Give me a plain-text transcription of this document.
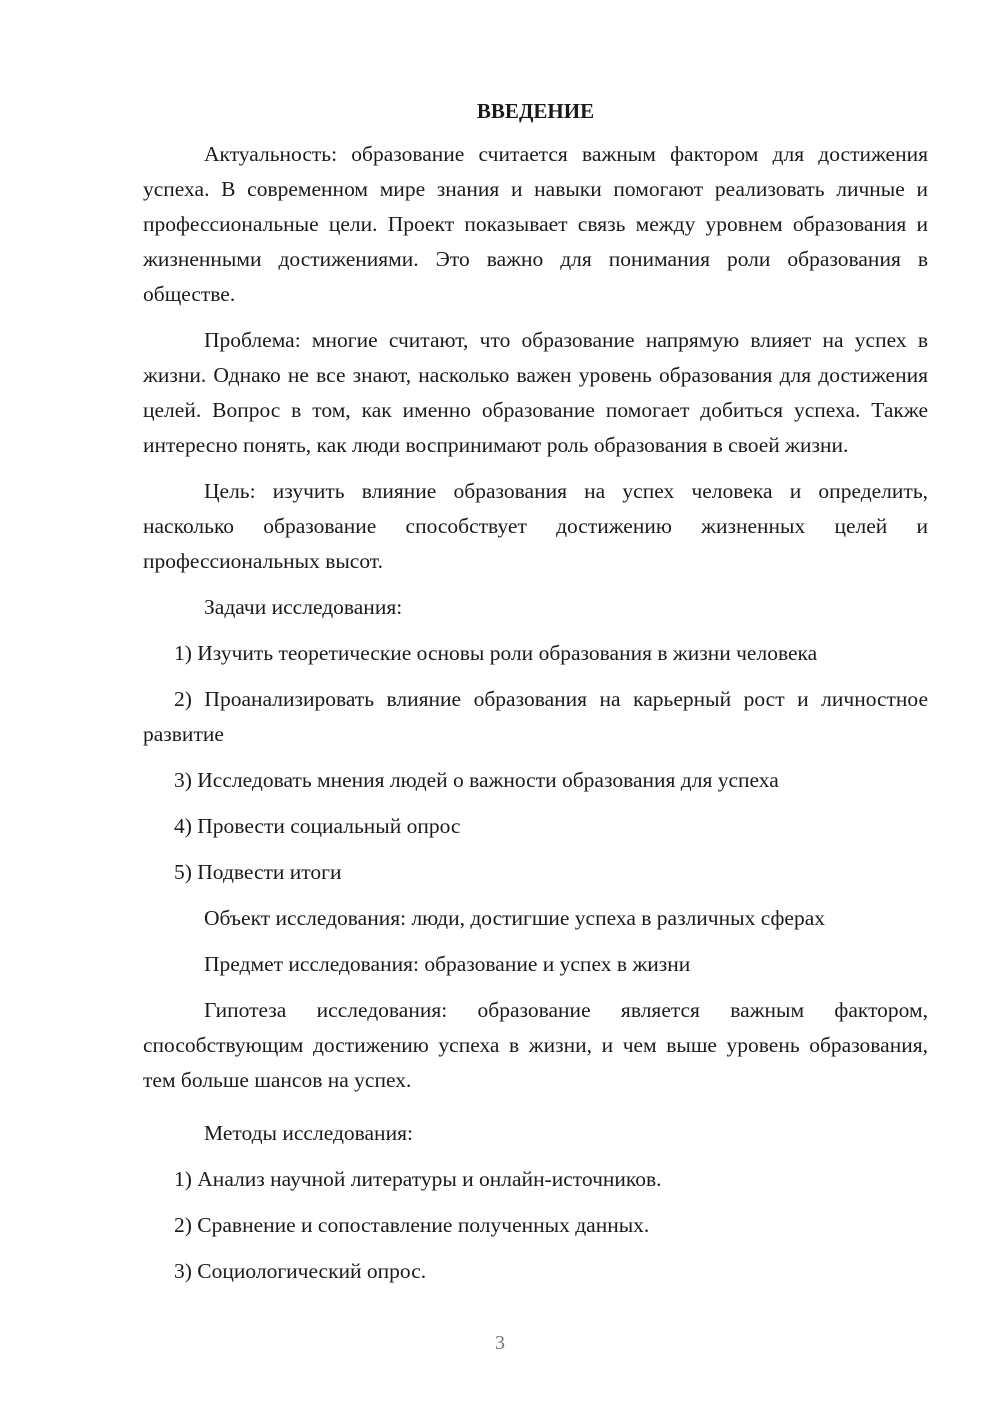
ВВЕДЕНИЕ

Актуальность: образование считается важным фактором для достижения успеха. В современном мире знания и навыки помогают реализовать личные и профессиональные цели. Проект показывает связь между уровнем образования и жизненными достижениями. Это важно для понимания роли образования в обществе.

Проблема: многие считают, что образование напрямую влияет на успех в жизни. Однако не все знают, насколько важен уровень образования для достижения целей. Вопрос в том, как именно образование помогает добиться успеха. Также интересно понять, как люди воспринимают роль образования в своей жизни.

Цель: изучить влияние образования на успех человека и определить, насколько образование способствует достижению жизненных целей и профессиональных высот.

Задачи исследования:

1) Изучить теоретические основы роли образования в жизни человека

2) Проанализировать влияние образования на карьерный рост и личностное развитие

3) Исследовать мнения людей о важности образования для успеха

4) Провести социальный опрос

5) Подвести итоги

Объект исследования: люди, достигшие успеха в различных сферах

Предмет исследования: образование и успех в жизни

Гипотеза исследования: образование является важным фактором, способствующим достижению успеха в жизни, и чем выше уровень образования, тем больше шансов на успех.

Методы исследования:

1) Анализ научной литературы и онлайн-источников.

2) Сравнение и сопоставление полученных данных.

3) Социологический опрос.

3
